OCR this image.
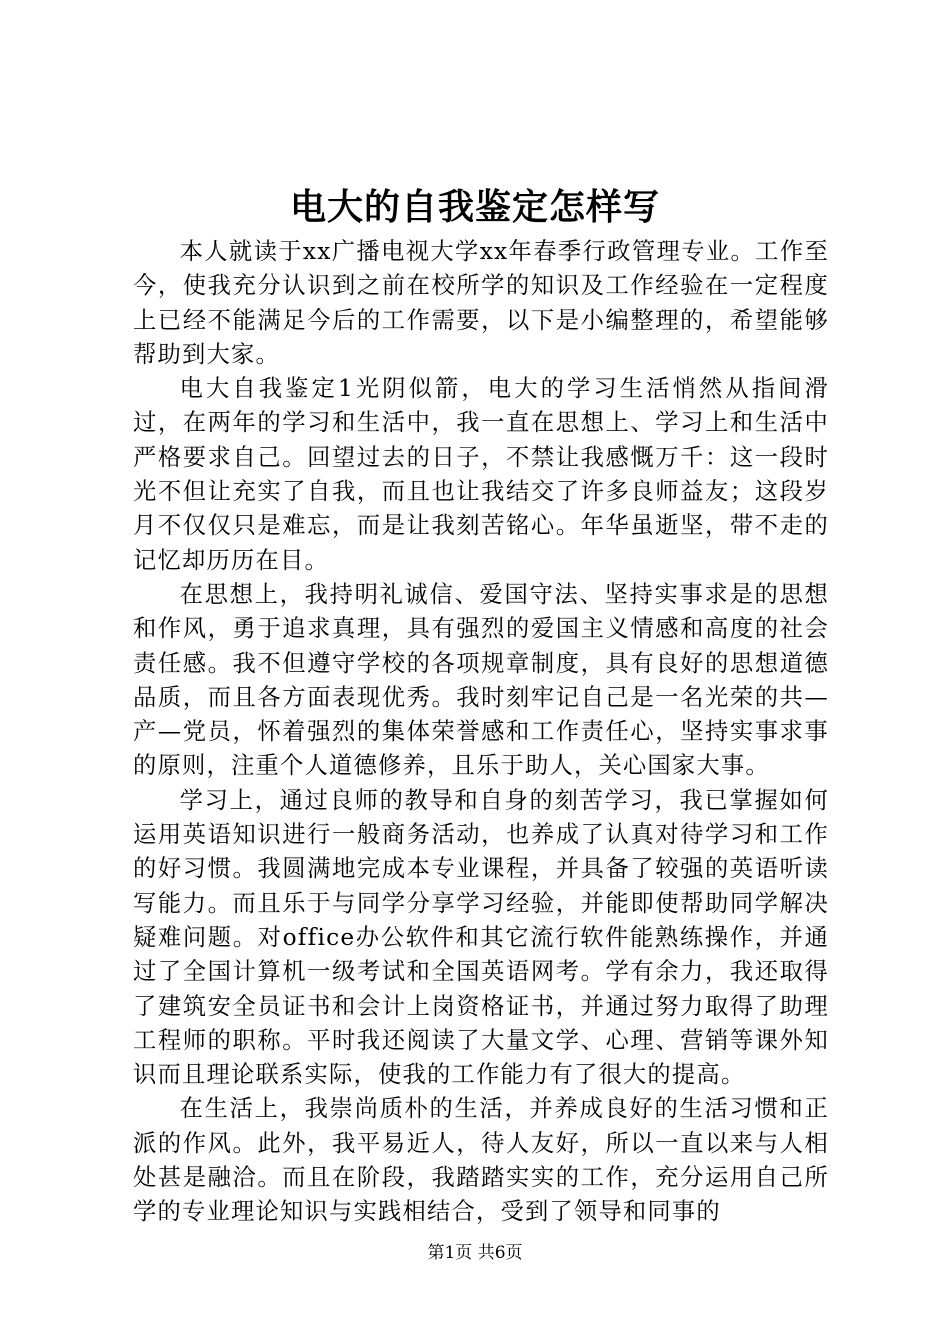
电大的自我鉴定怎样写

本人就读于xx广播电视大学xx年春季行政管理专业。工作至今，使我充分认识到之前在校所学的知识及工作经验在一定程度上已经不能满足今后的工作需要，以下是小编整理的，希望能够帮助到大家。

电大自我鉴定1光阴似箭，电大的学习生活悄然从指间滑过，在两年的学习和生活中，我一直在思想上、学习上和生活中严格要求自己。回望过去的日子，不禁让我感慨万千：这一段时光不但让充实了自我，而且也让我结交了许多良师益友；这段岁月不仅仅只是难忘，而是让我刻苦铭心。年华虽逝坚，带不走的记忆却历历在目。

在思想上，我持明礼诚信、爱国守法、坚持实事求是的思想和作风，勇于追求真理，具有强烈的爱国主义情感和高度的社会责任感。我不但遵守学校的各项规章制度，具有良好的思想道德品质，而且各方面表现优秀。我时刻牢记自己是一名光荣的共—产—党员，怀着强烈的集体荣誉感和工作责任心，坚持实事求事的原则，注重个人道德修养，且乐于助人，关心国家大事。

学习上，通过良师的教导和自身的刻苦学习，我已掌握如何运用英语知识进行一般商务活动，也养成了认真对待学习和工作的好习惯。我圆满地完成本专业课程，并具备了较强的英语听读写能力。而且乐于与同学分享学习经验，并能即使帮助同学解决疑难问题。对office办公软件和其它流行软件能熟练操作，并通过了全国计算机一级考试和全国英语网考。学有余力，我还取得了建筑安全员证书和会计上岗资格证书，并通过努力取得了助理工程师的职称。平时我还阅读了大量文学、心理、营销等课外知识而且理论联系实际，使我的工作能力有了很大的提高。

在生活上，我崇尚质朴的生活，并养成良好的生活习惯和正派的作风。此外，我平易近人，待人友好，所以一直以来与人相处甚是融洽。而且在阶段，我踏踏实实的工作，充分运用自己所学的专业理论知识与实践相结合，受到了领导和同事的

第1页 共6页
